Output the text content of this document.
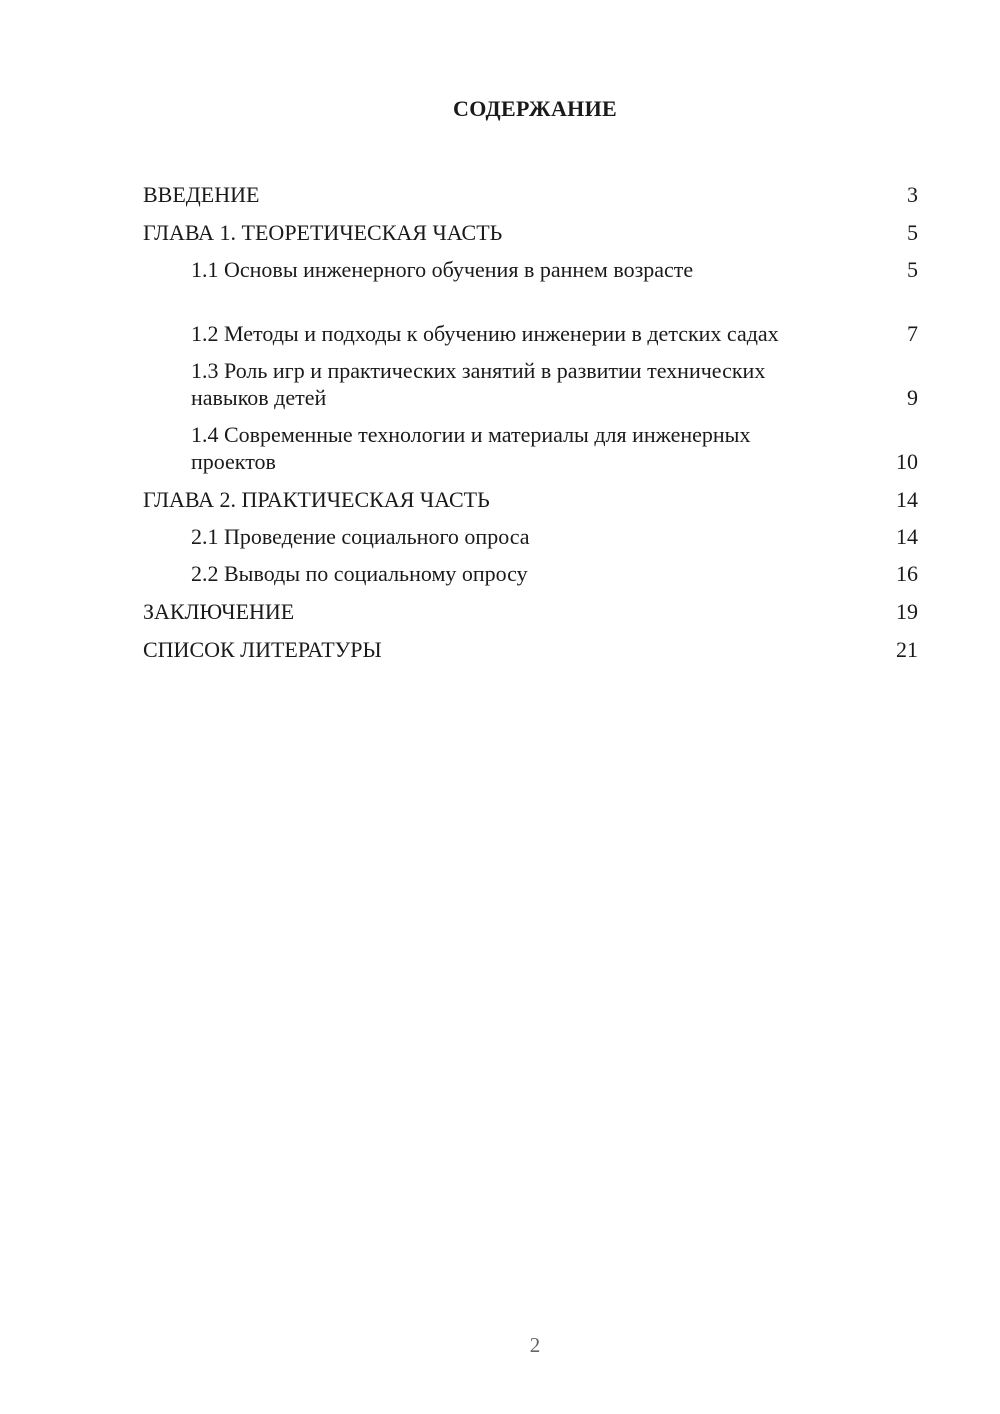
СОДЕРЖАНИЕ
ВВЕДЕНИЕ	3
ГЛАВА 1. ТЕОРЕТИЧЕСКАЯ ЧАСТЬ	5
1.1 Основы инженерного обучения в раннем возрасте	5
1.2 Методы и подходы к обучению инженерии в детских садах	7
1.3 Роль игр и практических занятий в развитии технических навыков детей	9
1.4 Современные технологии и материалы для инженерных проектов	10
ГЛАВА 2. ПРАКТИЧЕСКАЯ ЧАСТЬ	14
2.1 Проведение социального опроса	14
2.2 Выводы по социальному опросу	16
ЗАКЛЮЧЕНИЕ	19
СПИСОК ЛИТЕРАТУРЫ	21
2
